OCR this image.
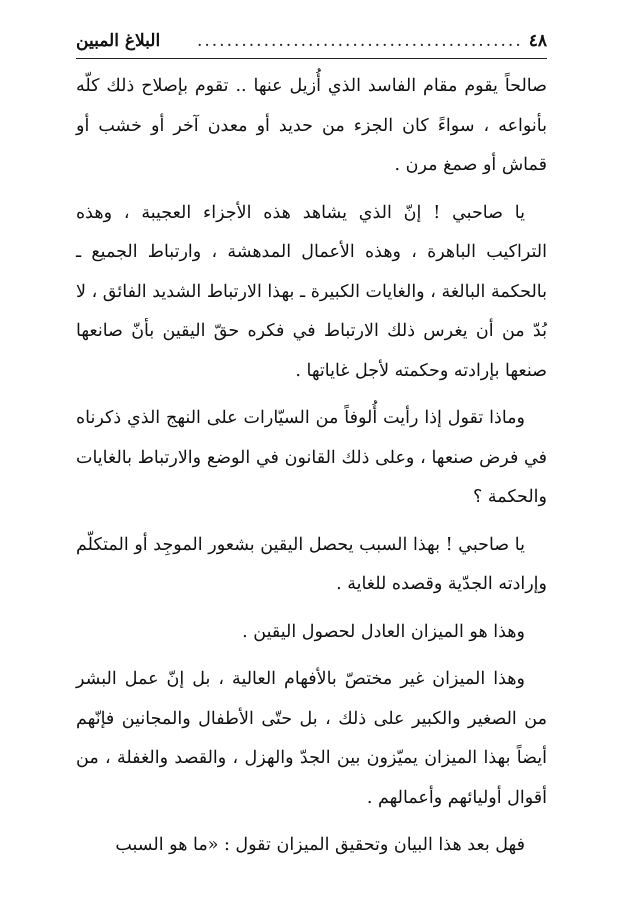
٤٨
............................................
البلاغ المبين

صالحاً يقوم مقام الفاسد الذي أُزيل عنها .. تقوم بإصلاح ذلك كلّه بأنواعه ، سواءً كان الجزء من حديد أو معدن آخر أو خشب أو قماش أو صمغ مرن .

يا صاحبي ! إنّ الذي يشاهد هذه الأجزاء العجيبة ، وهذه التراكيب الباهرة ، وهذه الأعمال المدهشة ، وارتباط الجميع ـ بالحكمة البالغة ، والغايات الكبيرة ـ بهذا الارتباط الشديد الفائق ، لا بُدّ من أن يغرس ذلك الارتباط في فكره حقّ اليقين بأنّ صانعها صنعها بإرادته وحكمته لأجل غاياتها .

وماذا تقول إذا رأيت أُلوفاً من السيّارات على النهج الذي ذكرناه في فرض صنعها ، وعلى ذلك القانون في الوضع والارتباط بالغايات والحكمة ؟

يا صاحبي ! بهذا السبب يحصل اليقين بشعور الموجِد أو المتكلّم وإرادته الجدّية وقصده للغاية .

وهذا هو الميزان العادل لحصول اليقين .

وهذا الميزان غير مختصّ بالأفهام العالية ، بل إنّ عمل البشر من الصغير والكبير على ذلك ، بل حتّى الأطفال والمجانين فإنّهم أيضاً بهذا الميزان يميّزون بين الجدّ والهزل ، والقصد والغفلة ، من أقوال أوليائهم وأعمالهم .

فهل بعد هذا البيان وتحقيق الميزان تقول : «ما هو السبب
